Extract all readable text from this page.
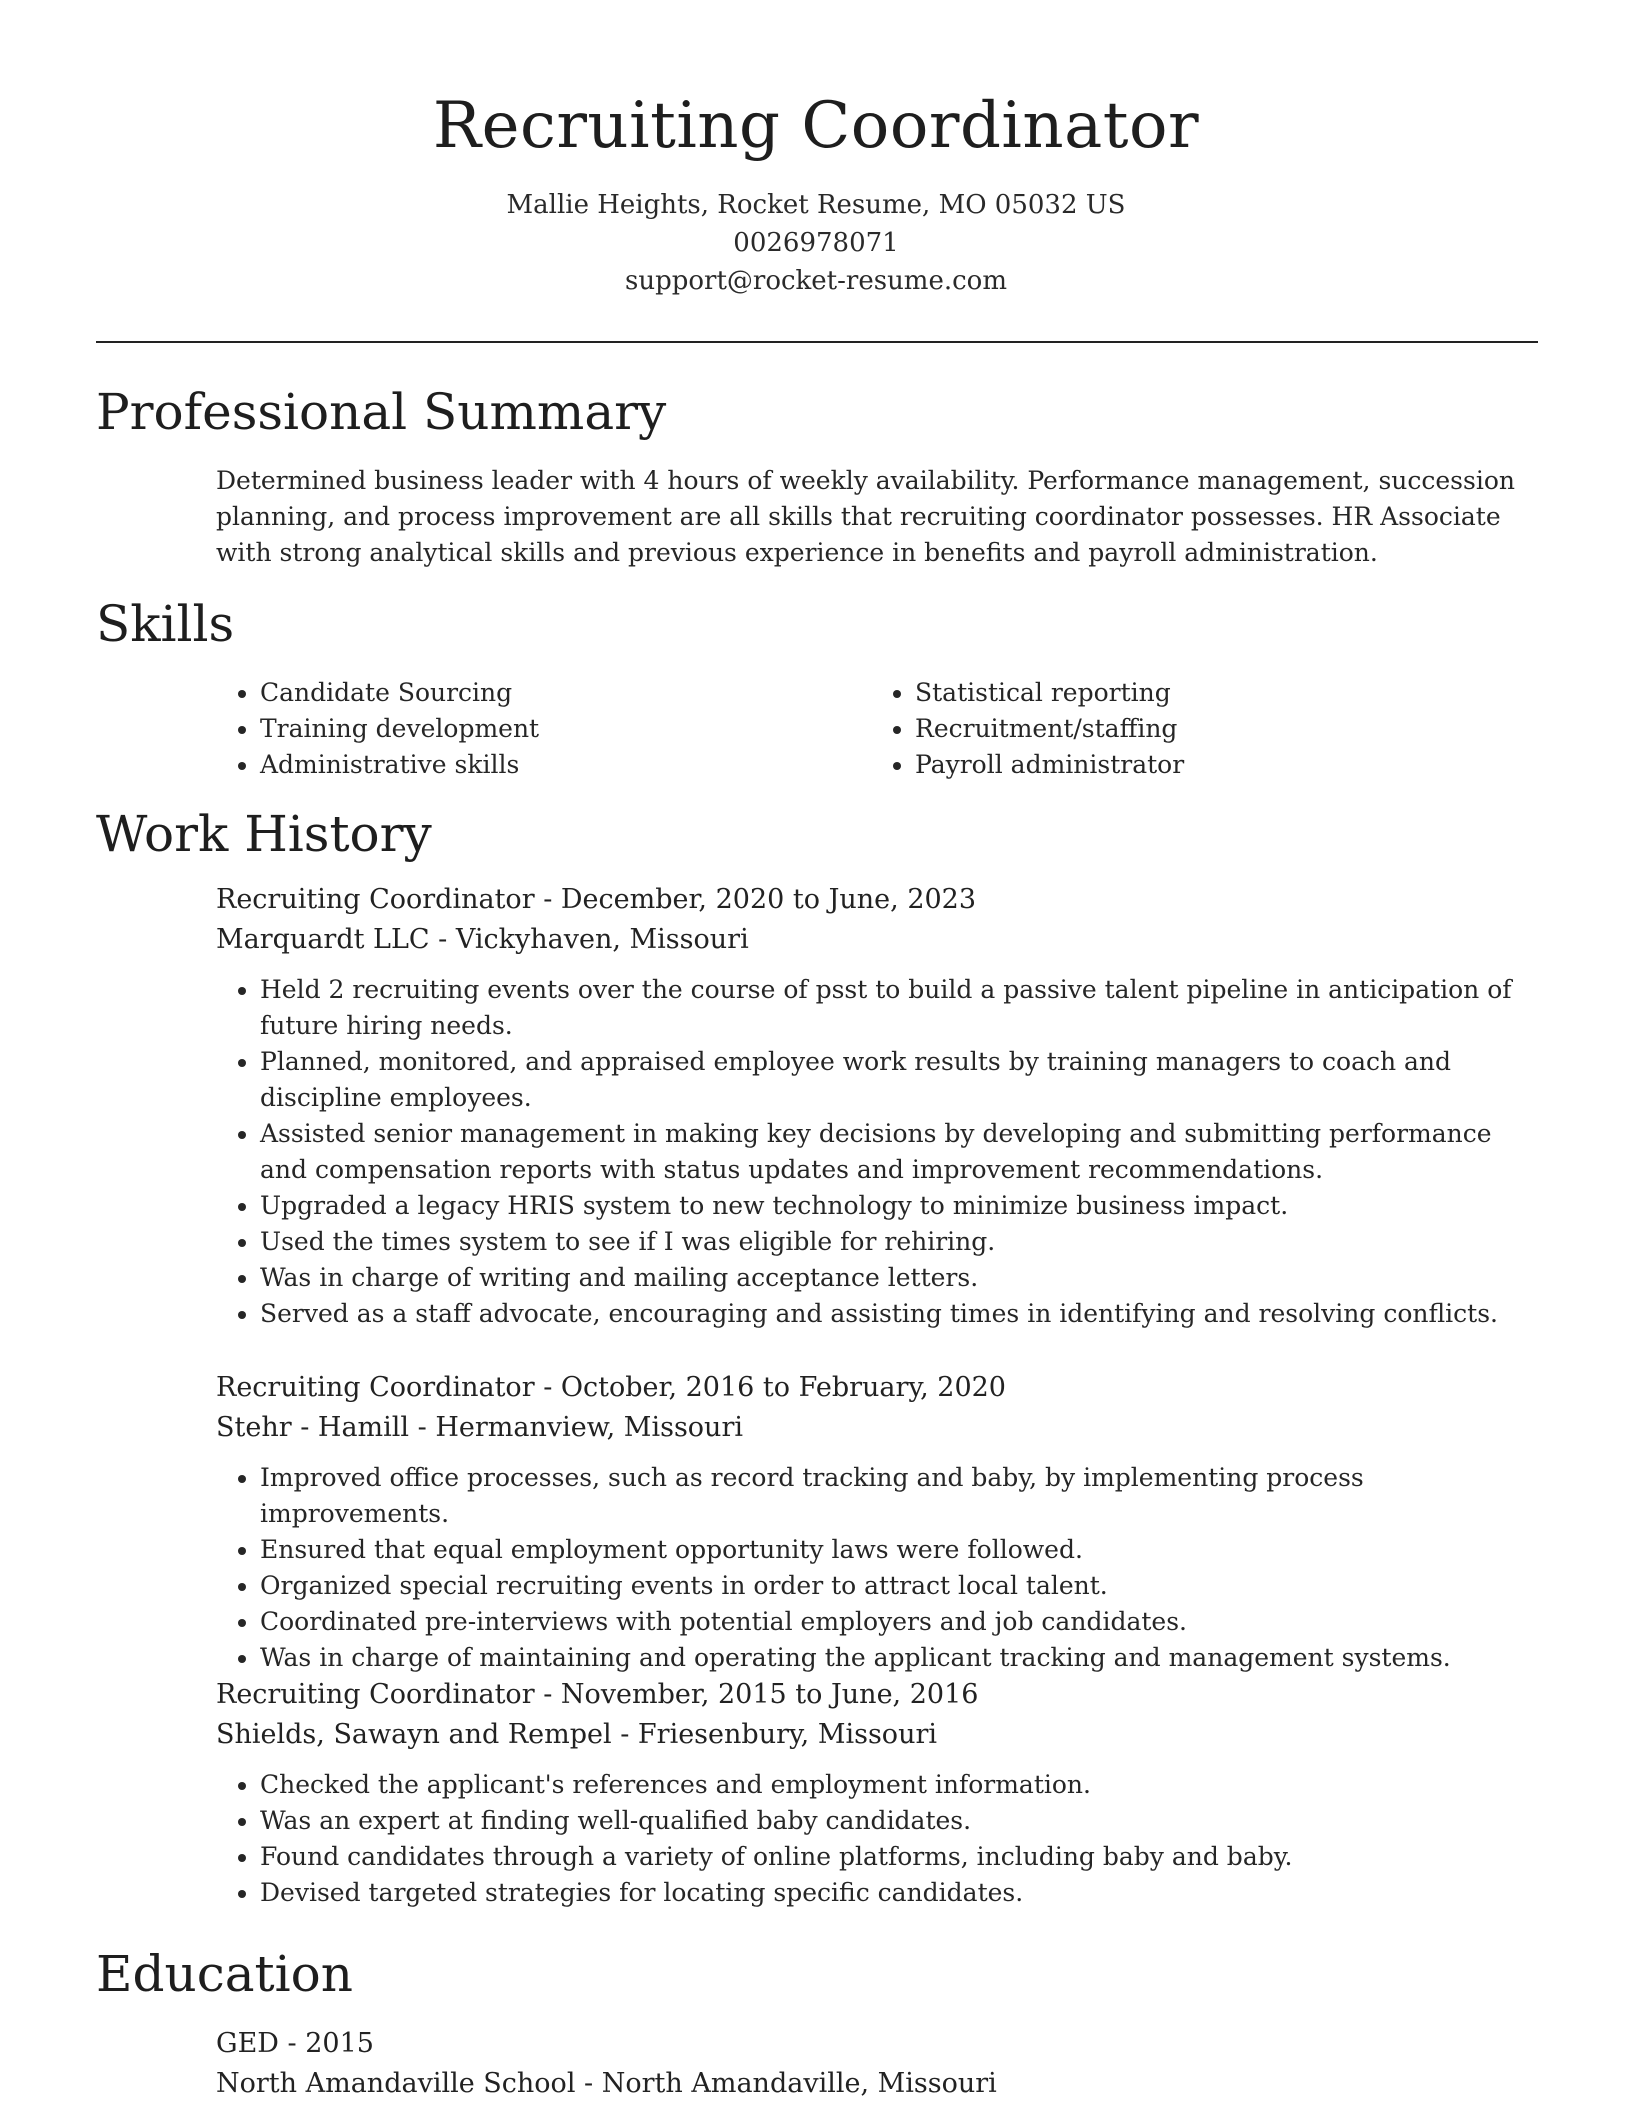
Recruiting Coordinator
Mallie Heights, Rocket Resume, MO 05032 US
0026978071
support@rocket-resume.com
Professional Summary

Determined business leader with 4 hours of weekly availability. Performance management, succession planning, and process improvement are all skills that recruiting coordinator possesses. HR Associate with strong analytical skills and previous experience in benefits and payroll administration.

Skills
• Candidate Sourcing
• Training development
• Administrative skills
• Statistical reporting
• Recruitment/staffing
• Payroll administrator
Work History
Recruiting Coordinator - December, 2020 to June, 2023
Marquardt LLC - Vickyhaven, Missouri
• Held 2 recruiting events over the course of psst to build a passive talent pipeline in anticipation of future hiring needs.
• Planned, monitored, and appraised employee work results by training managers to coach and discipline employees.
• Assisted senior management in making key decisions by developing and submitting performance and compensation reports with status updates and improvement recommendations.
• Upgraded a legacy HRIS system to new technology to minimize business impact.
• Used the times system to see if I was eligible for rehiring.
• Was in charge of writing and mailing acceptance letters.
• Served as a staff advocate, encouraging and assisting times in identifying and resolving conflicts.
Recruiting Coordinator - October, 2016 to February, 2020
Stehr - Hamill - Hermanview, Missouri
• Improved office processes, such as record tracking and baby, by implementing process improvements.
• Ensured that equal employment opportunity laws were followed.
• Organized special recruiting events in order to attract local talent.
• Coordinated pre-interviews with potential employers and job candidates.
• Was in charge of maintaining and operating the applicant tracking and management systems.
Recruiting Coordinator - November, 2015 to June, 2016
Shields, Sawayn and Rempel - Friesenbury, Missouri
• Checked the applicant's references and employment information.
• Was an expert at finding well-qualified baby candidates.
• Found candidates through a variety of online platforms, including baby and baby.
• Devised targeted strategies for locating specific candidates.
Education
GED - 2015
North Amandaville School - North Amandaville, Missouri
